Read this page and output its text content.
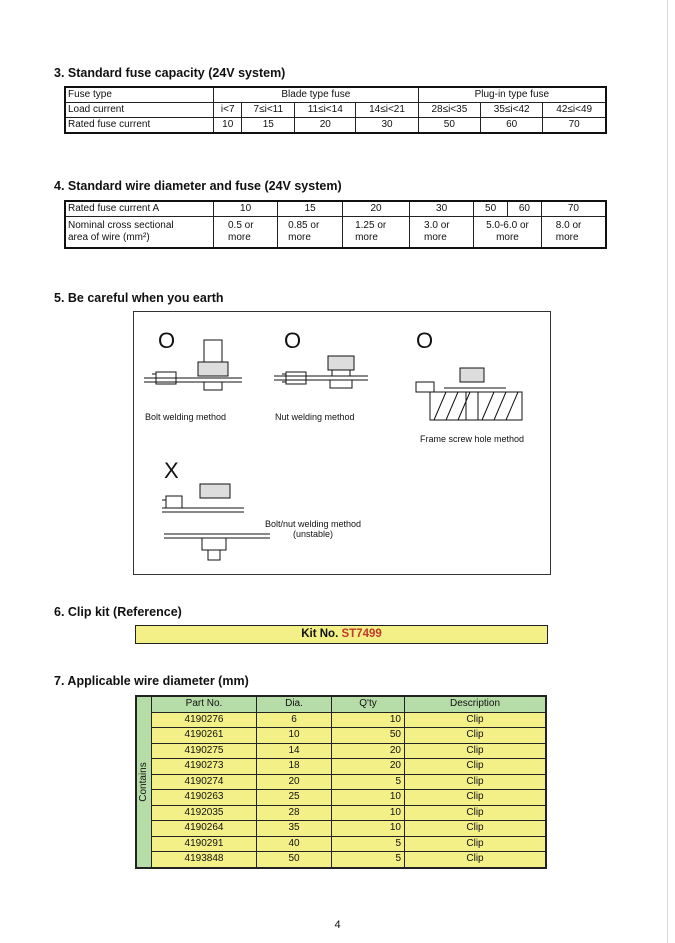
3. Standard fuse capacity (24V system)
Fuse type	Blade type fuse				Plug-in type fuse		
Load current	i<7	7≤i<11	11≤i<14	14≤i<21	28≤i<35	35≤i<42	42≤i<49
Rated fuse current	10	15	20	30	50	60	70
4. Standard wire diameter and fuse (24V system)
Rated fuse current A	10	15	20	30	50	60	70
Nominal cross sectional
area of wire (mm²)	0.5 or more	0.85 or more	1.25 or more	3.0 or more	5.0-6.0 or more		8.0 or more
5. Be careful when you earth
O	O	O
X
Bolt welding method	Nut welding method
Frame screw hole method
Bolt/nut welding method
(unstable)
6. Clip kit (Reference)
Kit No. ST7499
7. Applicable wire diameter (mm)
Contains	Part No.	Dia.	Q'ty	Description
	4190276	6	10	Clip
	4190261	10	50	Clip
	4190275	14	20	Clip
	4190273	18	20	Clip
	4190274	20	5	Clip
	4190263	25	10	Clip
	4192035	28	10	Clip
	4190264	35	10	Clip
	4190291	40	5	Clip
	4193848	50	5	Clip
4
